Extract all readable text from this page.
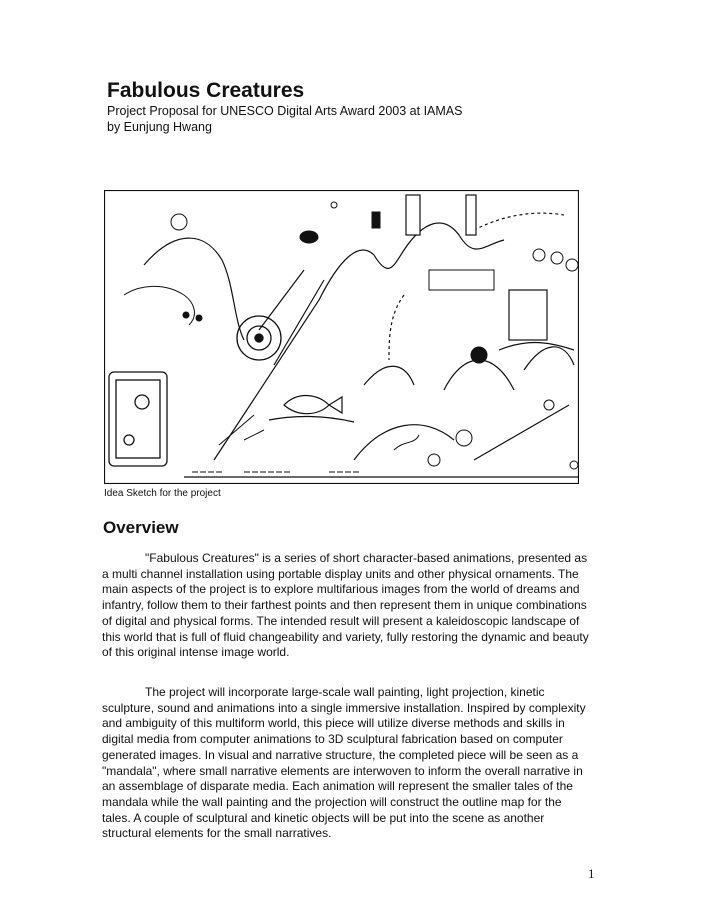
Fabulous Creatures
Project Proposal for UNESCO Digital Arts Award 2003 at IAMAS
by Eunjung Hwang
Idea Sketch for the project
Overview

"Fabulous Creatures" is a series of short character-based animations, presented as a multi channel installation using portable display units and other physical ornaments. The main aspects of the project is to explore multifarious images from the world of dreams and infantry, follow them to their farthest points and then represent them in unique combinations of digital and physical forms. The intended result will present a kaleidoscopic landscape of this world that is full of fluid changeability and variety, fully restoring the dynamic and beauty of this original intense image world.

The project will incorporate large-scale wall painting, light projection, kinetic sculpture, sound and animations into a single immersive installation. Inspired by complexity and ambiguity of this multiform world, this piece will utilize diverse methods and skills in digital media from computer animations to 3D sculptural fabrication based on computer generated images. In visual and narrative structure, the completed piece will be seen as a "mandala", where small narrative elements are interwoven to inform the overall narrative in an assemblage of disparate media. Each animation will represent the smaller tales of the mandala while the wall painting and the projection will construct the outline map for the tales. A couple of sculptural and kinetic objects will be put into the scene as another structural elements for the small narratives.

1
